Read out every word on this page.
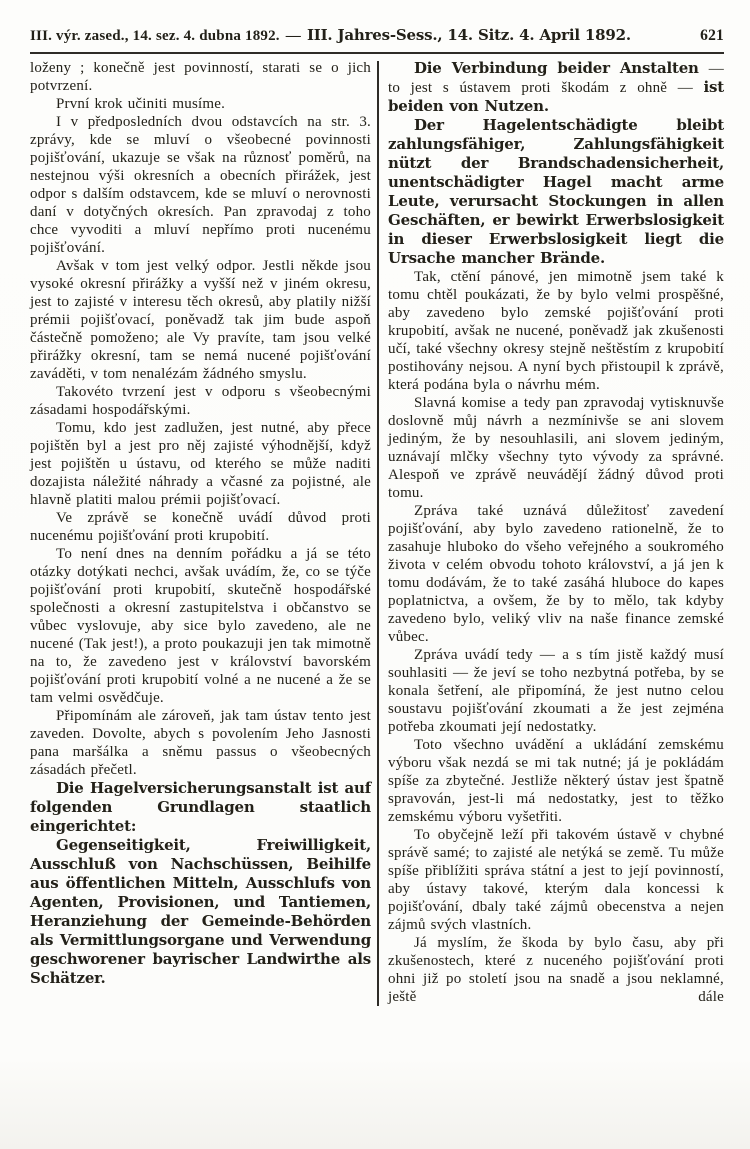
III. výr. zased., 14. sez. 4. dubna 1892. — III. Jahres-Sess., 14. Sitz. 4. April 1892.	621

loženy ; konečně jest povinností, starati se o jich potvrzení.

První krok učiniti musíme.

I v předposledních dvou odstavcích na str. 3. zprávy, kde se mluví o všeobecné povinnosti pojišťování, ukazuje se však na různosť poměrů, na nestejnou výši okresních a obecních přirážek, jest odpor s dalším odstavcem, kde se mluví o nerovnosti daní v dotyčných okresích. Pan zpravodaj z toho chce vyvoditi a mluví nepřímo proti nucenému pojišťování.

Avšak v tom jest velký odpor. Jestli někde jsou vysoké okresní přirážky a vyšší než v jiném okresu, jest to zajisté v interesu těch okresů, aby platily nižší prémii pojišťovací, poněvadž tak jim bude aspoň částečně pomoženo; ale Vy pravíte, tam jsou velké přirážky okresní, tam se nemá nucené pojišťování zaváděti, v tom nenalézám žádného smyslu.

Takovéto tvrzení jest v odporu s všeobecnými zásadami hospodářskými.

Tomu, kdo jest zadlužen, jest nutné, aby přece pojištěn byl a jest pro něj zajisté výhodnější, když jest pojištěn u ústavu, od kterého se může naditi dozajista náležité náhrady a včasné za pojistné, ale hlavně platiti malou prémii pojišťovací.

Ve zprávě se konečně uvádí důvod proti nucenému pojišťování proti krupobití.

To není dnes na denním pořádku a já se této otázky dotýkati nechci, avšak uvádím, že, co se týče pojišťování proti krupobití, skutečně hospodářské společnosti a okresní zastupitelstva i občanstvo se vůbec vyslovuje, aby sice bylo zavedeno, ale ne nucené (Tak jest!), a proto poukazuji jen tak mimotně na to, že zavedeno jest v království bavorském pojišťování proti krupobití volné a ne nucené a že se tam velmi osvědčuje.

Připomínám ale zároveň, jak tam ústav tento jest zaveden. Dovolte, abych s povolením Jeho Jasnosti pana maršálka a sněmu passus o všeobecných zásadách přečetl.

Die Hagelversicherungsanstalt ist auf folgenden Grundlagen staatlich eingerichtet:

Gegenseitigkeit, Freiwilligkeit, Ausschluß von Nachschüssen, Beihilfe aus öffentlichen Mitteln, Ausschlufs von Agenten, Provisionen, und Tantiemen, Heranziehung der Gemeinde-Behörden als Vermittlungsorgane und Verwendung geschworener bayrischer Landwirthe als Schätzer.

Die Verbindung beider Anstalten — to jest s ústavem proti škodám z ohně — ist beiden von Nutzen.

Der Hagelentschädigte bleibt zahlungsfähiger, Zahlungsfähigkeit nützt der Brandschadensicherheit, unentschädigter Hagel macht arme Leute, verursacht Stockungen in allen Geschäften, er bewirkt Erwerbslosigkeit in dieser Erwerbslosigkeit liegt die Ursache mancher Brände.

Tak, ctění pánové, jen mimotně jsem také k tomu chtěl poukázati, že by bylo velmi prospěšné, aby zavedeno bylo zemské pojišťování proti krupobití, avšak ne nucené, poněvadž jak zkušenosti učí, také všechny okresy stejně neštěstím z krupobití postihovány nejsou. A nyní bych přistoupil k zprávě, která podána byla o návrhu mém.

Slavná komise a tedy pan zpravodaj vytisknuvše doslovně můj návrh a nezmínivše se ani slovem jediným, že by nesouhlasili, ani slovem jediným, uznávají mlčky všechny tyto vývody za správné. Alespoň ve zprávě neuvádějí žádný důvod proti tomu.

Zpráva také uznává důležitosť zavedení pojišťování, aby bylo zavedeno rationelně, že to zasahuje hluboko do všeho veřejného a soukromého života v celém obvodu tohoto království, a já jen k tomu dodávám, že to také zasáhá hluboce do kapes poplatnictva, a ovšem, že by to mělo, tak kdyby zavedeno bylo, veliký vliv na naše finance zemské vůbec.

Zpráva uvádí tedy — a s tím jistě každý musí souhlasiti — že jeví se toho nezbytná potřeba, by se konala šetření, ale připomíná, že jest nutno celou soustavu pojišťování zkoumati a že jest zejména potřeba zkoumati její nedostatky.

Toto všechno uvádění a ukládání zemskému výboru však nezdá se mi tak nutné; já je pokládám spíše za zbytečné. Jestliže některý ústav jest špatně spravován, jest-li má nedostatky, jest to těžko zemskému výboru vyšetřiti.

To obyčejně leží při takovém ústavě v chybné správě samé; to zajisté ale netýká se země. Tu může spíše přiblížiti správa státní a jest to její povinností, aby ústavy takové, kterým dala koncessi k pojišťování, dbaly také zájmů obecenstva a nejen zájmů svých vlastních.

Já myslím, že škoda by bylo času, aby při zkušenostech, které z nuceného pojišťování proti ohni již po století jsou na snadě a jsou neklamné, ještě dále
